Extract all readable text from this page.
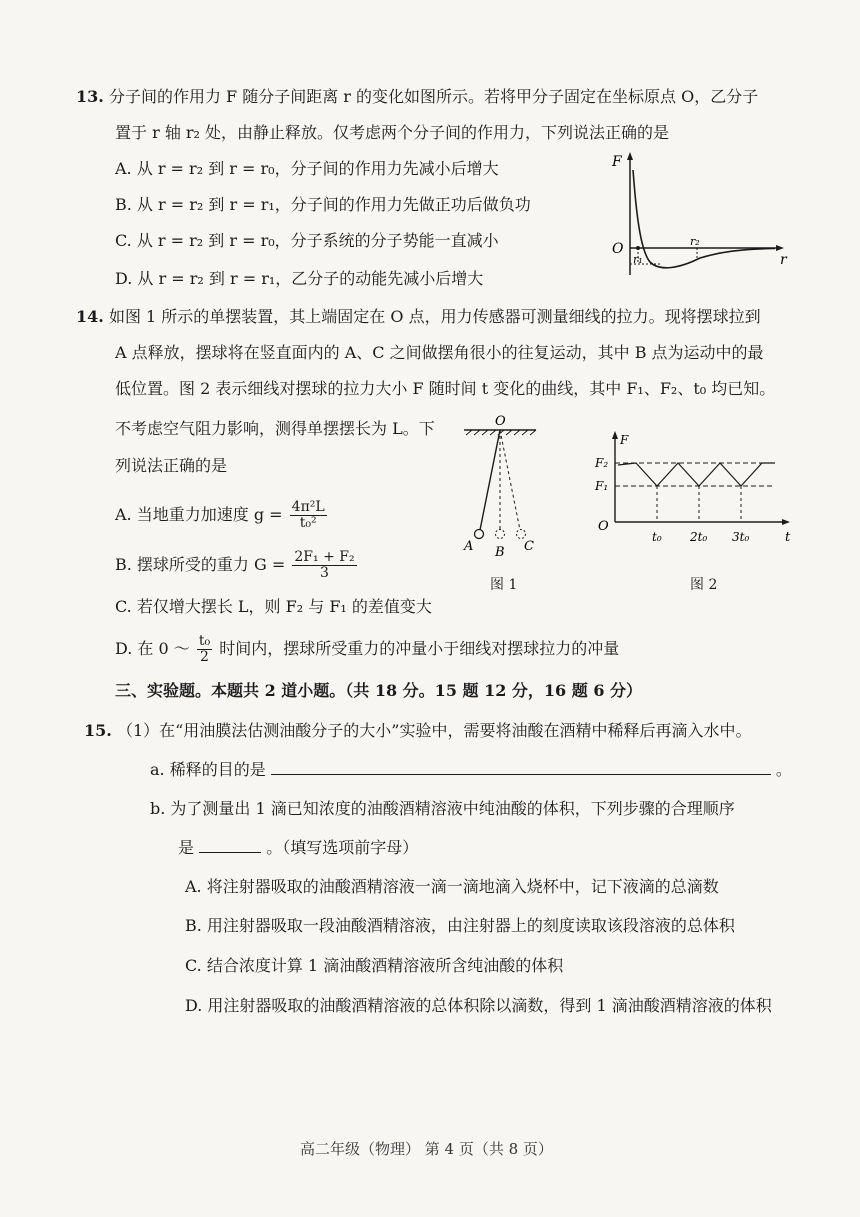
13. 分子间的作用力 F 随分子间距离 r 的变化如图所示。若将甲分子固定在坐标原点 O，乙分子
置于 r 轴 r₂ 处，由静止释放。仅考虑两个分子间的作用力，下列说法正确的是
A. 从 r = r₂ 到 r = r₀，分子间的作用力先减小后增大
B. 从 r = r₂ 到 r = r₁，分子间的作用力先做正功后做负功
C. 从 r = r₂ 到 r = r₀，分子系统的分子势能一直减小
D. 从 r = r₂ 到 r = r₁，乙分子的动能先减小后增大
O
F
r
r₁
r₂
14. 如图 1 所示的单摆装置，其上端固定在 O 点，用力传感器可测量细线的拉力。现将摆球拉到
A 点释放，摆球将在竖直面内的 A、C 之间做摆角很小的往复运动，其中 B 点为运动中的最
低位置。图 2 表示细线对摆球的拉力大小 F 随时间 t 变化的曲线，其中 F₁、F₂、t₀ 均已知。
不考虑空气阻力影响，测得单摆摆长为 L。下
列说法正确的是
A. 当地重力加速度 $g = \frac{\text{4π²L}}{\text{t₀²}}$
B. 摆球所受的重力 $G = \frac{\text{2F₁ + F₂}}{3}$
C. 若仅增大摆长 L，则 F₂ 与 F₁ 的差值变大
D. 在 0 ～ $\frac{\text{t₀}}{2}$ 时间内，摆球所受重力的冲量小于细线对摆球拉力的冲量
O
A B C
图 1
F₂
F₁
F
O
t₀ 2t₀ 3t₀	t
图 2
三、实验题。本题共 2 道小题。（共 18 分。15 题 12 分，16 题 6 分）
15. （1）在“用油膜法估测油酸分子的大小”实验中，需要将油酸在酒精中稀释后再滴入水中。
a. 稀释的目的是	。
b. 为了测量出 1 滴已知浓度的油酸酒精溶液中纯油酸的体积，下列步骤的合理顺序
是	。（填写选项前字母）
A. 将注射器吸取的油酸酒精溶液一滴一滴地滴入烧杯中，记下液滴的总滴数
B. 用注射器吸取一段油酸酒精溶液，由注射器上的刻度读取该段溶液的总体积
C. 结合浓度计算 1 滴油酸酒精溶液所含纯油酸的体积
D. 用注射器吸取的油酸酒精溶液的总体积除以滴数，得到 1 滴油酸酒精溶液的体积
高二年级（物理） 第 4 页（共 8 页）
